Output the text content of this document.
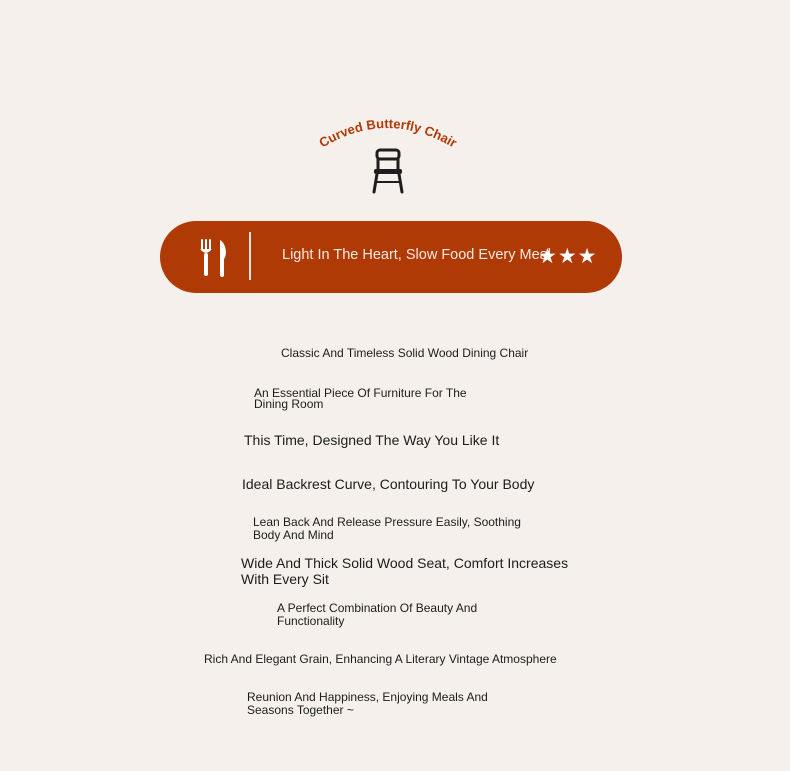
Curved Butterfly Chair
Light In The Heart, Slow Food Every Meal
★★★
Classic And Timeless Solid Wood Dining Chair
An Essential Piece Of Furniture For The
Dining Room
This Time, Designed The Way You Like It
Ideal Backrest Curve, Contouring To Your Body
Lean Back And Release Pressure Easily, Soothing
Body And Mind
Wide And Thick Solid Wood Seat, Comfort Increases
With Every Sit
A Perfect Combination Of Beauty And
Functionality
Rich And Elegant Grain, Enhancing A Literary Vintage Atmosphere
Reunion And Happiness, Enjoying Meals And
Seasons Together ~
